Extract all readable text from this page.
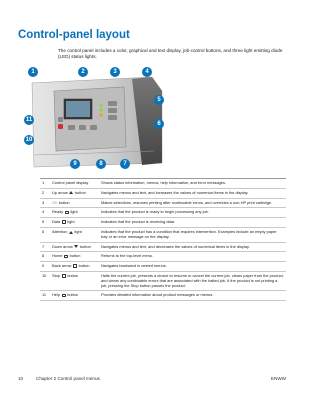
Control-panel layout
The control panel includes a color, graphical and text display, job-control buttons, and three light emitting diode (LED) status lights.
1	2	3	4
5
6
7
8
9
10
11
1	Control panel display	Shows status information, menus, help information, and error messages.
2	Up arrow button	Navigates menus and text, and increases the values of numerical items in the display.
3	OK button	Makes selections, resumes printing after continuable errors, and overrides a non-HP print cartridge.
4	Ready light	Indicates that the product is ready to begin processing any job.
5	Data light	Indicates that the product is receiving data.
6	Attention light	Indicates that the product has a condition that requires intervention. Examples include an empty paper tray or an error message on the display.
7	Down arrow button	Navigates menus and text, and decreases the values of numerical items in the display.
8	Home button	Returns to the top-level menu.
9	Back arrow button	Navigates backward in nested menus.
10	Stop button	Halts the current job, presents a choice to resume or cancel the current job, clears paper from the product, and clears any continuable errors that are associated with the halted job. If the product is not printing a job, pressing the Stop button pauses the product.
11	Help button	Provides detailed information about product messages or menus.
10	Chapter 2 Control panel menus	ENWW
